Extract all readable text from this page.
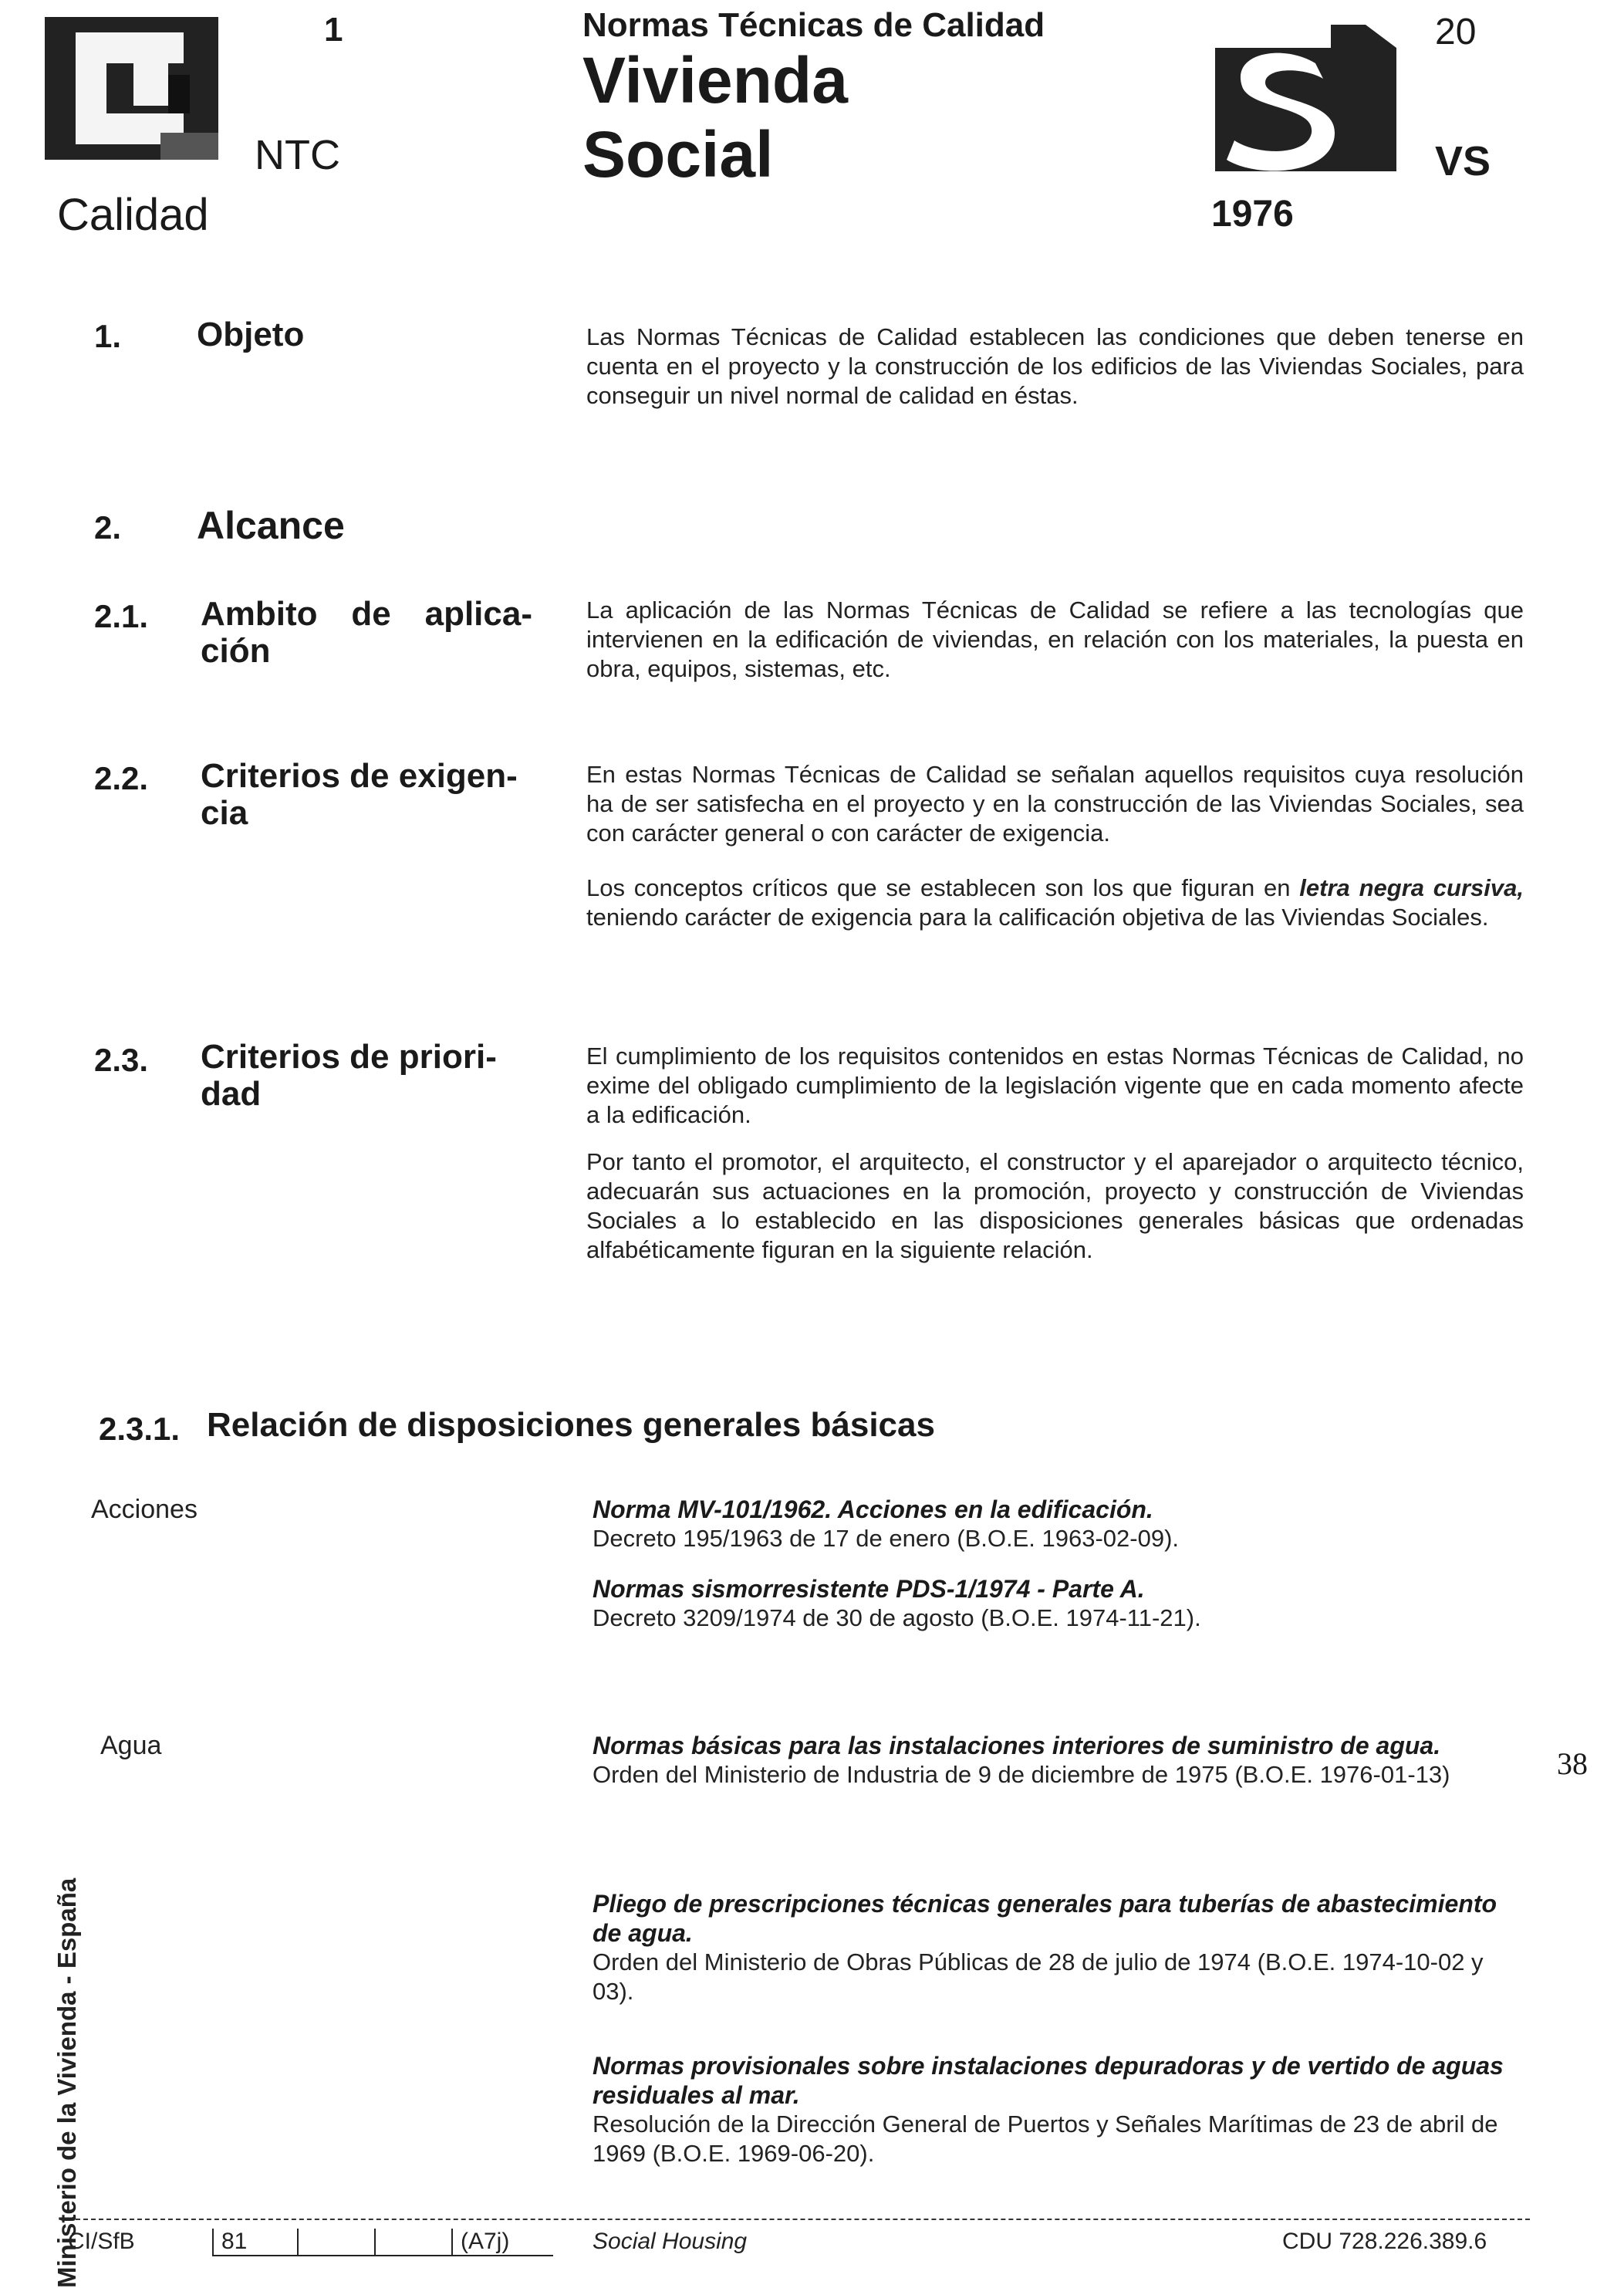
1
NTC
Calidad
Normas Técnicas de Calidad
Vivienda
Social
1976
20
VS
1. Objeto	Las Normas Técnicas de Calidad establecen las condiciones que deben tenerse en cuenta en el proyecto y la construcción de los edificios de las Viviendas Sociales, para conseguir un nivel normal de calidad en éstas.
2. Alcance
2.1. Ambito de aplica-ción
La aplicación de las Normas Técnicas de Calidad se refiere a las tecnologías que intervienen en la edificación de viviendas, en relación con los materiales, la puesta en obra, equipos, sistemas, etc.
2.2. Criterios de exigen-cia
En estas Normas Técnicas de Calidad se señalan aquellos requisitos cuya resolución ha de ser satisfecha en el proyecto y en la construcción de las Viviendas Sociales, sea con carácter general o con carácter de exigencia.
Los conceptos críticos que se establecen son los que figuran en letra negra cursiva, teniendo carácter de exigencia para la calificación objetiva de las Viviendas Sociales.
2.3. Criterios de priori-dad
El cumplimiento de los requisitos contenidos en estas Normas Técnicas de Calidad, no exime del obligado cumplimiento de la legislación vigente que en cada momento afecte a la edificación.
Por tanto el promotor, el arquitecto, el constructor y el aparejador o arquitecto técnico, adecuarán sus actuaciones en la promoción, proyecto y construcción de Viviendas Sociales a lo establecido en las disposiciones generales básicas que ordenadas alfabéticamente figuran en la siguiente relación.
2.3.1. Relación de disposiciones generales básicas
Acciones	Norma MV-101/1962. Acciones en la edificación.
Decreto 195/1963 de 17 de enero (B.O.E. 1963-02-09).
Normas sismorresistente PDS-1/1974 - Parte A.
Decreto 3209/1974 de 30 de agosto (B.O.E. 1974-11-21).
Agua	Normas básicas para las instalaciones interiores de suministro de agua.
Orden del Ministerio de Industria de 9 de diciembre de 1975 (B.O.E. 1976-01-13)
Pliego de prescripciones técnicas generales para tuberías de abastecimiento de agua.
Orden del Ministerio de Obras Públicas de 28 de julio de 1974 (B.O.E. 1974-10-02 y 03).
Normas provisionales sobre instalaciones depuradoras y de vertido de aguas residuales al mar.
Resolución de la Dirección General de Puertos y Señales Marítimas de 23 de abril de 1969 (B.O.E. 1969-06-20).
Ministerio de la Vivienda - España
38
CI/SfB	81	(A7j)	Social Housing	CDU 728.226.389.6
